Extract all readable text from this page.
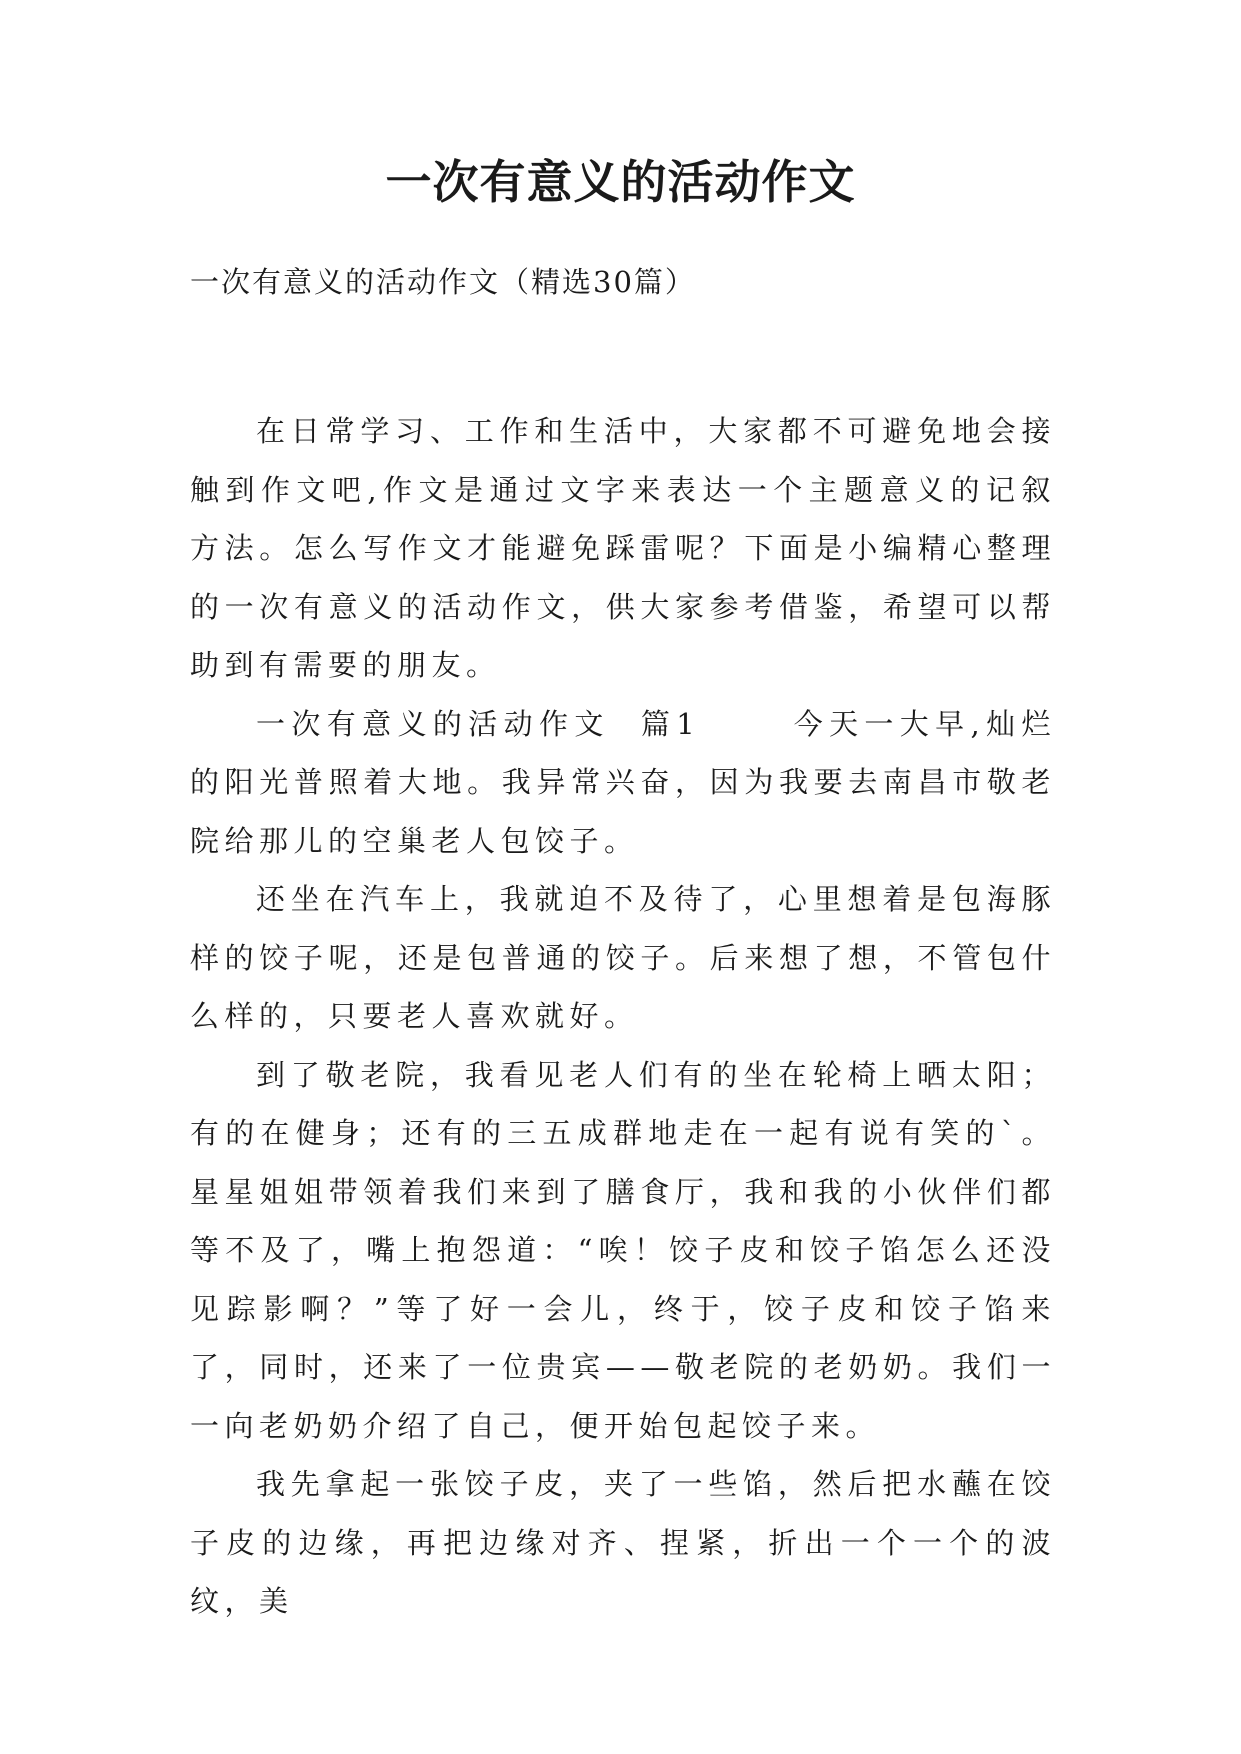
一次有意义的活动作文
一次有意义的活动作文（精选30篇）

在日常学习、工作和生活中，大家都不可避免地会接触到作文吧,作文是通过文字来表达一个主题意义的记叙方法。怎么写作文才能避免踩雷呢？下面是小编精心整理的一次有意义的活动作文，供大家参考借鉴，希望可以帮助到有需要的朋友。

一次有意义的活动作文  篇1      今天一大早,灿烂的阳光普照着大地。我异常兴奋，因为我要去南昌市敬老院给那儿的空巢老人包饺子。

还坐在汽车上，我就迫不及待了，心里想着是包海豚样的饺子呢，还是包普通的饺子。后来想了想，不管包什么样的，只要老人喜欢就好。

到了敬老院，我看见老人们有的坐在轮椅上晒太阳；有的在健身；还有的三五成群地走在一起有说有笑的`。星星姐姐带领着我们来到了膳食厅，我和我的小伙伴们都等不及了，嘴上抱怨道：“唉！饺子皮和饺子馅怎么还没见踪影啊？”等了好一会儿，终于，饺子皮和饺子馅来了，同时，还来了一位贵宾——敬老院的老奶奶。我们一一向老奶奶介绍了自己，便开始包起饺子来。

我先拿起一张饺子皮，夹了一些馅，然后把水蘸在饺子皮的边缘，再把边缘对齐、捏紧，折出一个一个的波纹，美
